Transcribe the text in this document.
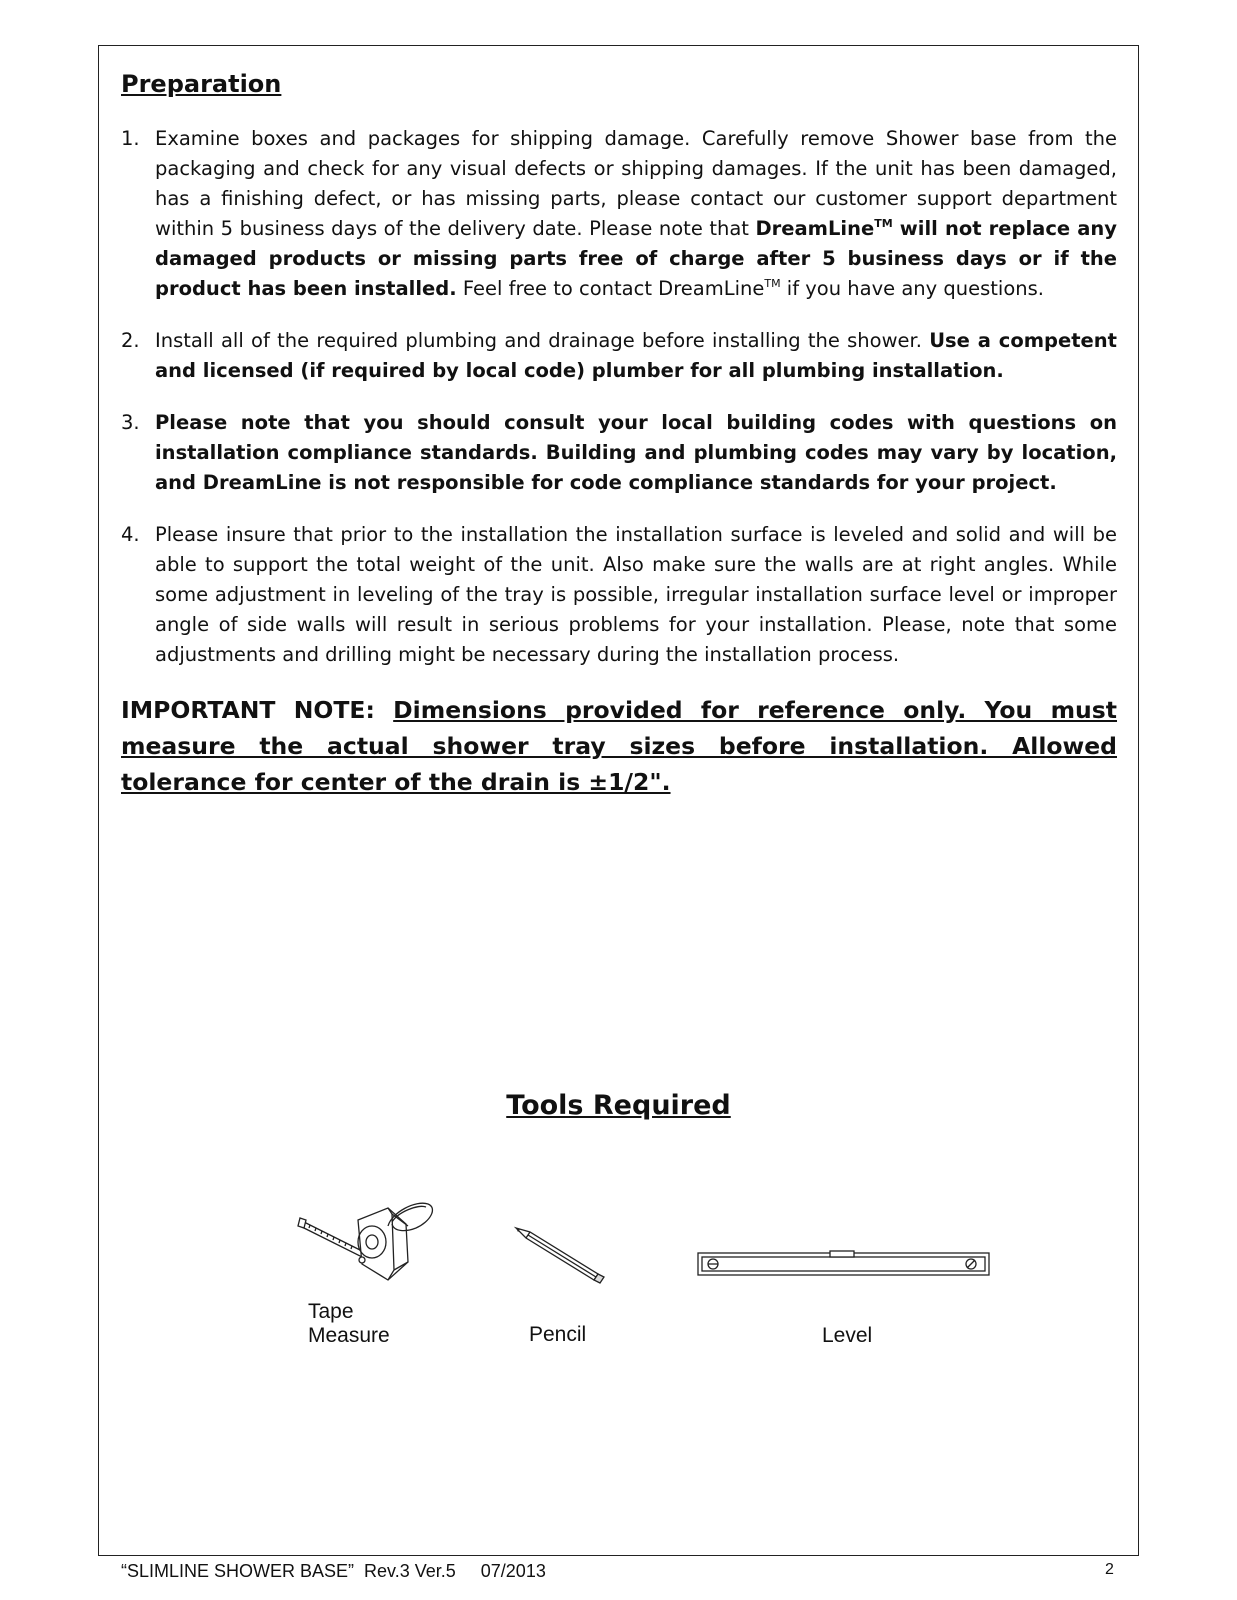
Preparation
1. Examine boxes and packages for shipping damage. Carefully remove Shower base from the packaging and check for any visual defects or shipping damages. If the unit has been damaged, has a finishing defect, or has missing parts, please contact our customer support department within 5 business days of the delivery date. Please note that DreamLine™ will not replace any damaged products or missing parts free of charge after 5 business days or if the product has been installed. Feel free to contact DreamLine™ if you have any questions.
2. Install all of the required plumbing and drainage before installing the shower. Use a competent and licensed (if required by local code) plumber for all plumbing installation.
3. Please note that you should consult your local building codes with questions on installation compliance standards. Building and plumbing codes may vary by location, and DreamLine is not responsible for code compliance standards for your project.
4. Please insure that prior to the installation the installation surface is leveled and solid and will be able to support the total weight of the unit. Also make sure the walls are at right angles. While some adjustment in leveling of the tray is possible, irregular installation surface level or improper angle of side walls will result in serious problems for your installation. Please, note that some adjustments and drilling might be necessary during the installation process.
IMPORTANT NOTE: Dimensions provided for reference only. You must measure the actual shower tray sizes before installation. Allowed tolerance for center of the drain is ±1/2".
Tools Required
Tape
Measure	Pencil	Level
“SLIMLINE SHOWER BASE”  Rev.3 Ver.5     07/2013	2
